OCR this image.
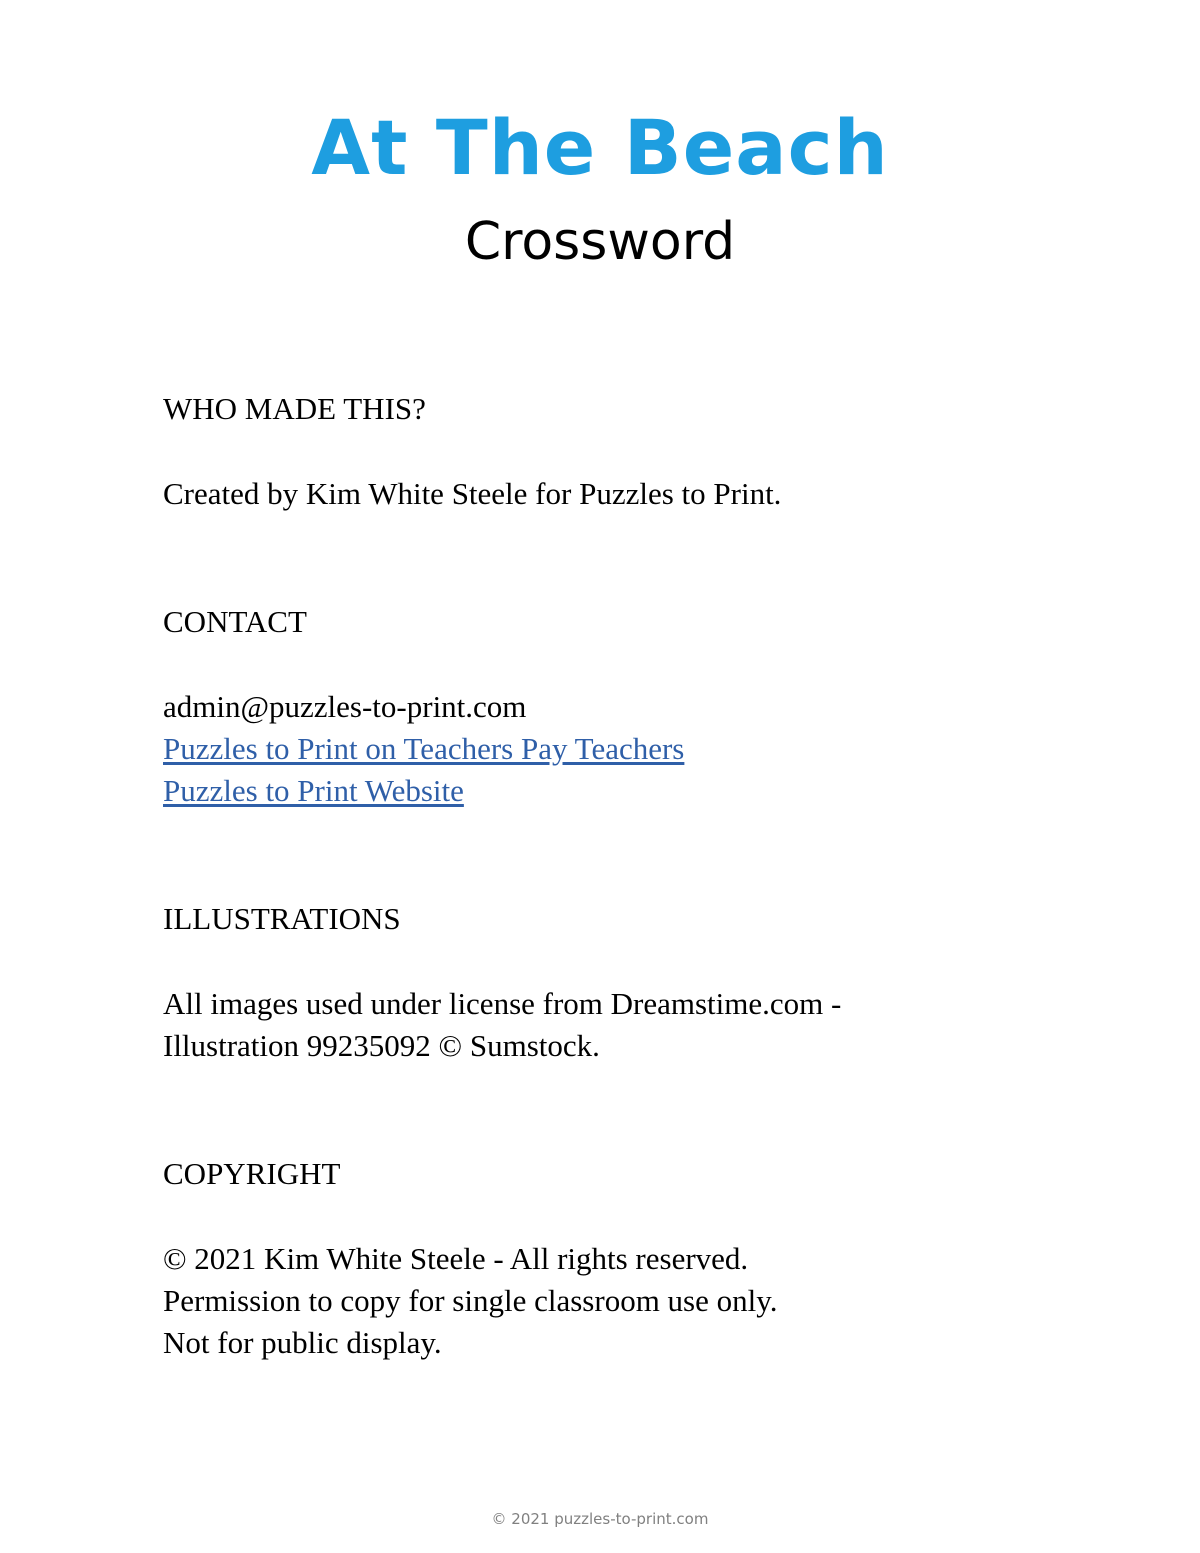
At The Beach
Crossword

WHO MADE THIS?

Created by Kim White Steele for Puzzles to Print.

CONTACT

admin@puzzles-to-print.com

Puzzles to Print on Teachers Pay Teachers

Puzzles to Print Website

ILLUSTRATIONS

All images used under license from Dreamstime.com -

Illustration 99235092 © Sumstock.

COPYRIGHT

© 2021 Kim White Steele - All rights reserved.

Permission to copy for single classroom use only.

Not for public display.

© 2021 puzzles-to-print.com
